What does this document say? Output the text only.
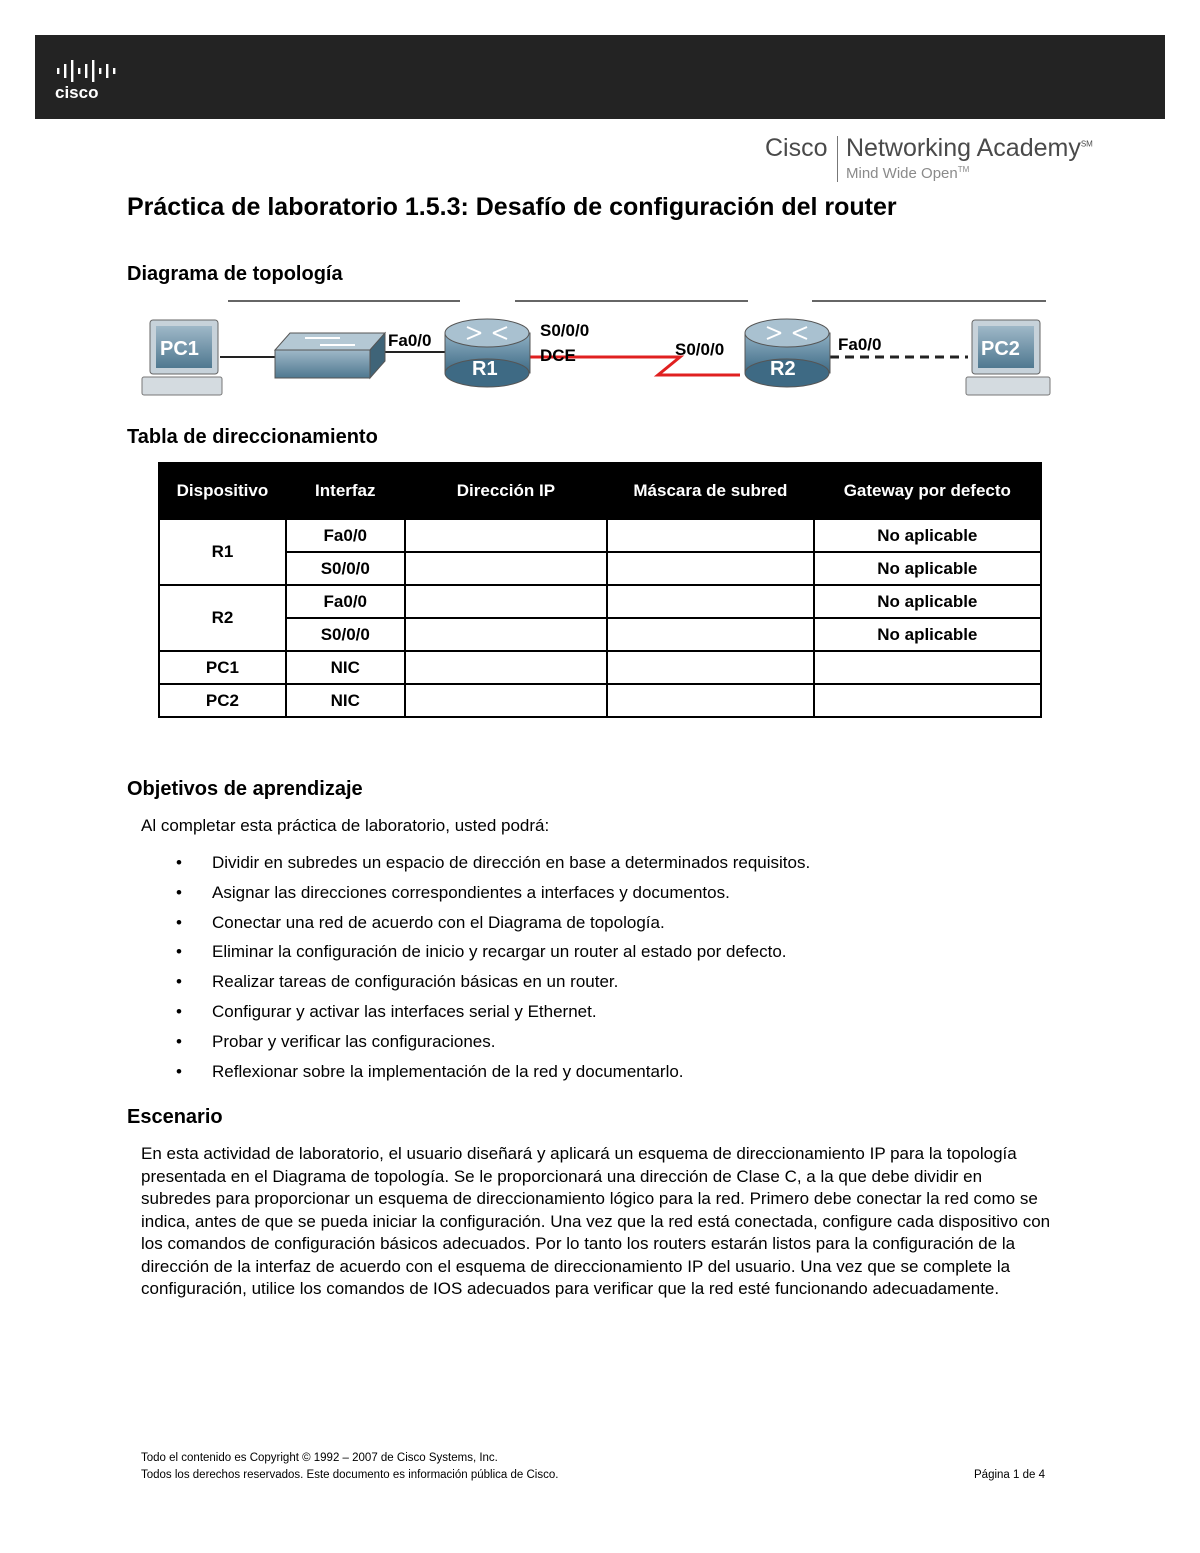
cisco
Cisco Networking Academy℠
Mind Wide Open™
Práctica de laboratorio 1.5.3: Desafío de configuración del router
Diagrama de topología
PC1
R1
Fa0/0
S0/0/0
DCE
R2
S0/0/0	Fa0/0	PC2
Tabla de direccionamiento
Dispositivo	Interfaz	Dirección IP	Máscara de subred	Gateway por defecto
R1	Fa0/0			No aplicable
	S0/0/0			No aplicable
R2	Fa0/0			No aplicable
	S0/0/0			No aplicable
PC1	NIC			
PC2	NIC			
Objetivos de aprendizaje
Al completar esta práctica de laboratorio, usted podrá:
• Dividir en subredes un espacio de dirección en base a determinados requisitos.
• Asignar las direcciones correspondientes a interfaces y documentos.
• Conectar una red de acuerdo con el Diagrama de topología.
• Eliminar la configuración de inicio y recargar un router al estado por defecto.
• Realizar tareas de configuración básicas en un router.
• Configurar y activar las interfaces serial y Ethernet.
• Probar y verificar las configuraciones.
• Reflexionar sobre la implementación de la red y documentarlo.
Escenario

En esta actividad de laboratorio, el usuario diseñará y aplicará un esquema de direccionamiento IP para la topología presentada en el Diagrama de topología. Se le proporcionará una dirección de Clase C, a la que debe dividir en subredes para proporcionar un esquema de direccionamiento lógico para la red. Primero debe conectar la red como se indica, antes de que se pueda iniciar la configuración. Una vez que la red está conectada, configure cada dispositivo con los comandos de configuración básicos adecuados. Por lo tanto los routers estarán listos para la configuración de la dirección de la interfaz de acuerdo con el esquema de direccionamiento IP del usuario. Una vez que se complete la configuración, utilice los comandos de IOS adecuados para verificar que la red esté funcionando adecuadamente.

Todo el contenido es Copyright © 1992 – 2007 de Cisco Systems, Inc.
Todos los derechos reservados. Este documento es información pública de Cisco.	Página 1 de 4
